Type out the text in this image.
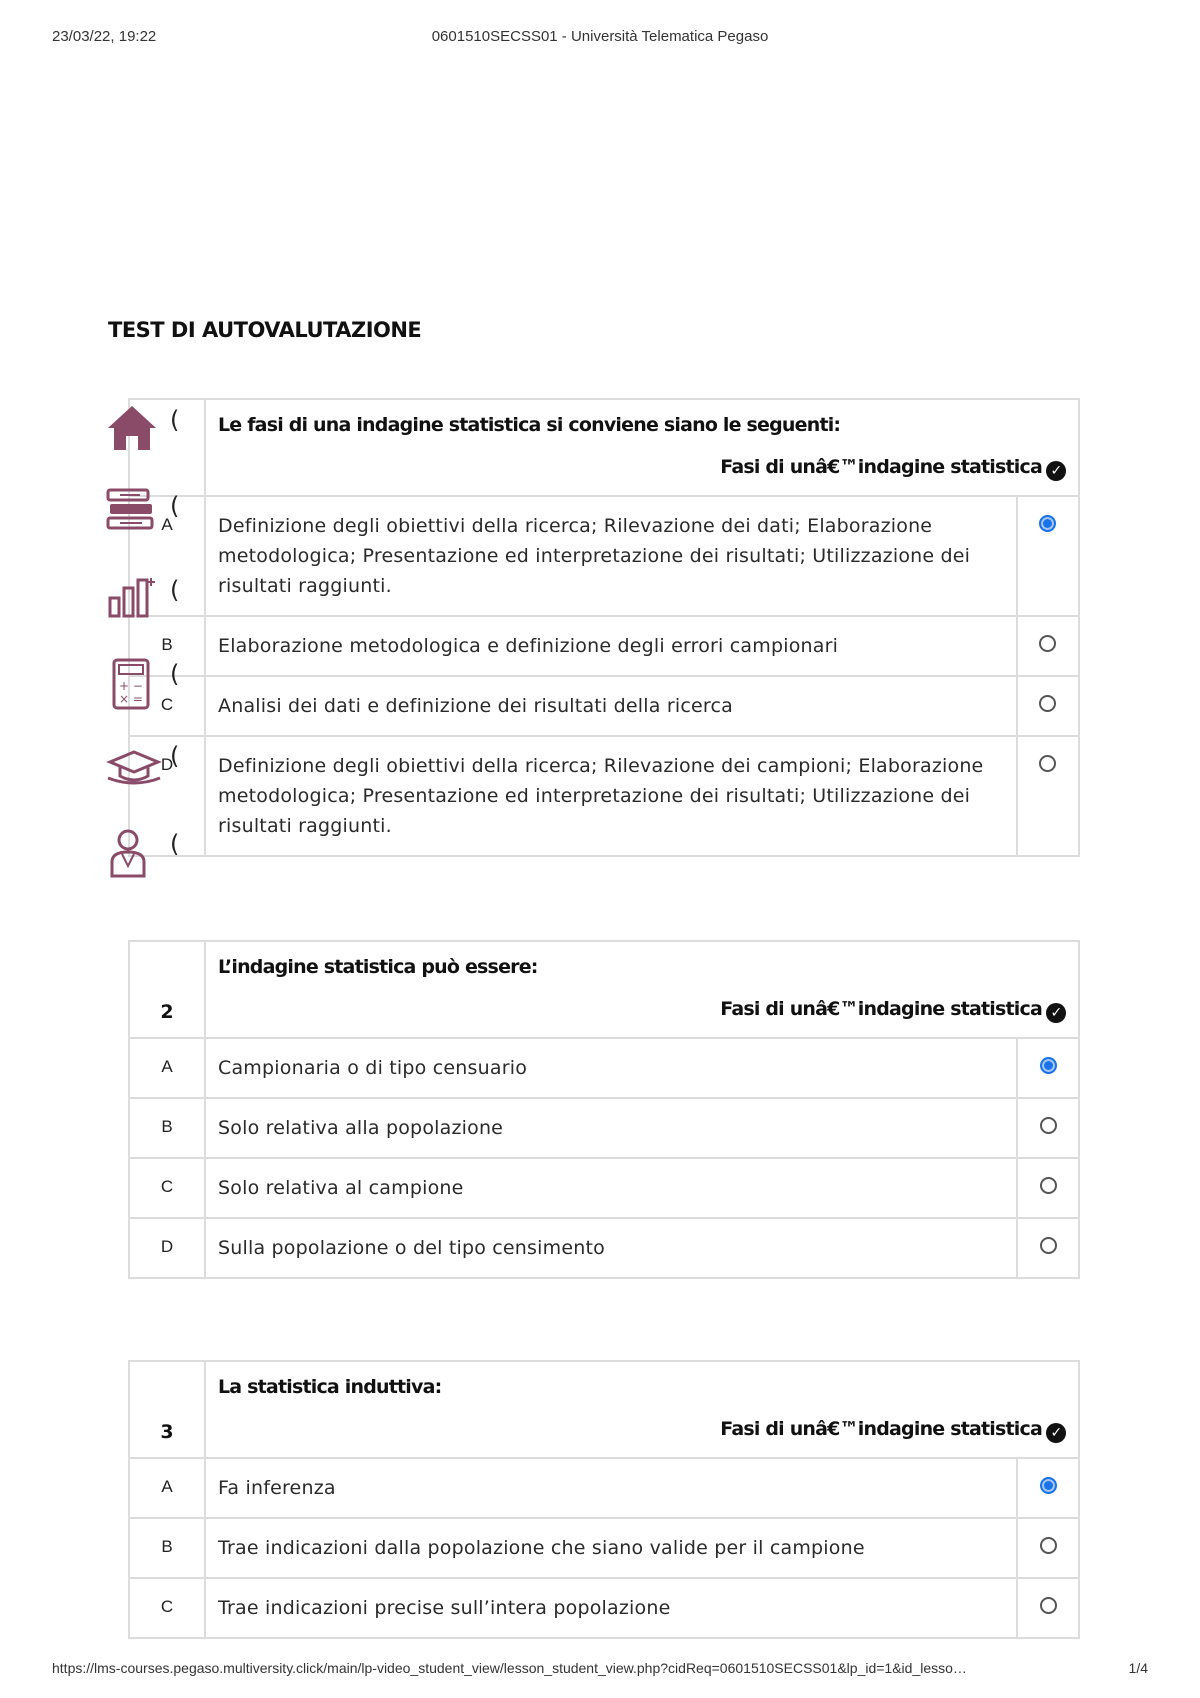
23/03/22, 19:22	0601510SECSS01 - Università Telematica Pegaso
TEST DI AUTOVALUTAZIONE

	Le fasi di una indagine statistica si conviene siano le seguenti:
Fasi di unâ€™indagine statistica ✓	

A	Definizione degli obiettivi della ricerca; Rilevazione dei dati; Elaborazione metodologica; Presentazione ed interpretazione dei risultati; Utilizzazione dei risultati raggiunti.	
B	Elaborazione metodologica e definizione degli errori campionari	
C	Analisi dei dati e definizione dei risultati della ricerca	
D	Definizione degli obiettivi della ricerca; Rilevazione dei campioni; Elaborazione metodologica; Presentazione ed interpretazione dei risultati; Utilizzazione dei risultati raggiunti.	
2	L’indagine statistica può essere:
Fasi di unâ€™indagine statistica ✓	

A	Campionaria o di tipo censuario	
B	Solo relativa alla popolazione	
C	Solo relativa al campione	
D	Sulla popolazione o del tipo censimento	
3	La statistica induttiva:
Fasi di unâ€™indagine statistica ✓	

A	Fa inferenza	
B	Trae indicazioni dalla popolazione che siano valide per il campione	
C	Trae indicazioni precise sull’intera popolazione	
+ −
× =
(
(
(
(
(
(
https://lms-courses.pegaso.multiversity.click/main/lp-video_student_view/lesson_student_view.php?cidReq=0601510SECSS01&lp_id=1&id_lesso…	1/4
